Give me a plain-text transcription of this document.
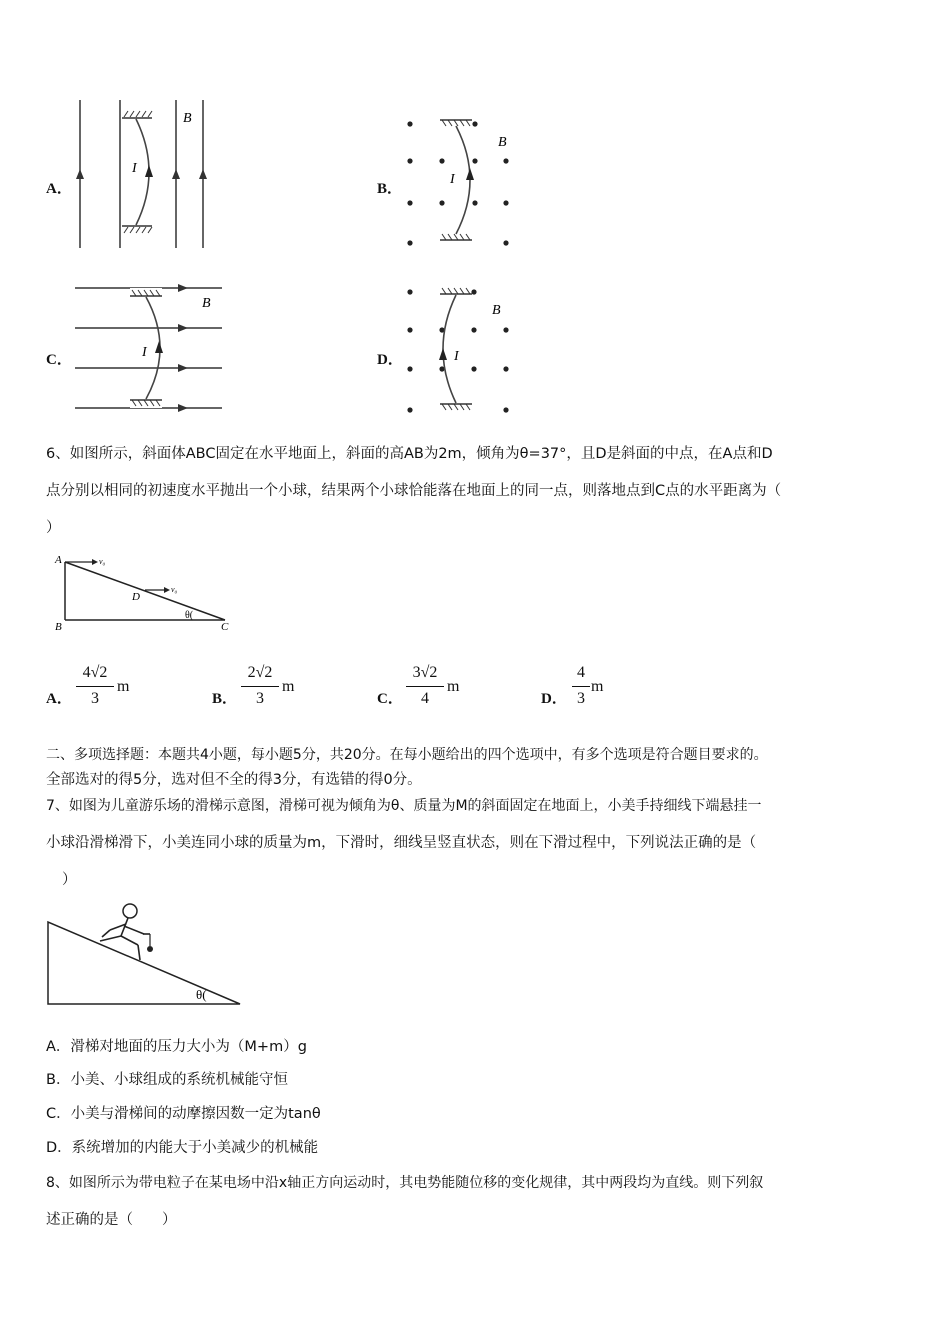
A．
I
B
B．
I
B
C．	I
B
D．	I
B
6、如图所示，斜面体ABC固定在水平地面上，斜面的高AB为2m，倾角为θ=37°，且D是斜面的中点，在A点和D
点分别以相同的初速度水平抛出一个小球，结果两个小球恰能落在地面上的同一点，则落地点到C点的水平距离为（
）
A
B	C
D
v₀
v₀
θ(
A．
4√2
3
m
B．
2√2
3
m
C．
3√2
4
m
D．
4
3
m
二、多项选择题：本题共4小题，每小题5分，共20分。在每小题给出的四个选项中，有多个选项是符合题目要求的。
全部选对的得5分，选对但不全的得3分，有选错的得0分。
7、如图为儿童游乐场的滑梯示意图，滑梯可视为倾角为θ、质量为M的斜面固定在地面上，小美手持细线下端悬挂一
小球沿滑梯滑下，小美连同小球的质量为m，下滑时，细线呈竖直状态，则在下滑过程中，下列说法正确的是（
）
θ(
A．滑梯对地面的压力大小为（M+m）g
B．小美、小球组成的系统机械能守恒
C．小美与滑梯间的动摩擦因数一定为tanθ
D．系统增加的内能大于小美减少的机械能
8、如图所示为带电粒子在某电场中沿x轴正方向运动时，其电势能随位移的变化规律，其中两段均为直线。则下列叙
述正确的是（　　）
